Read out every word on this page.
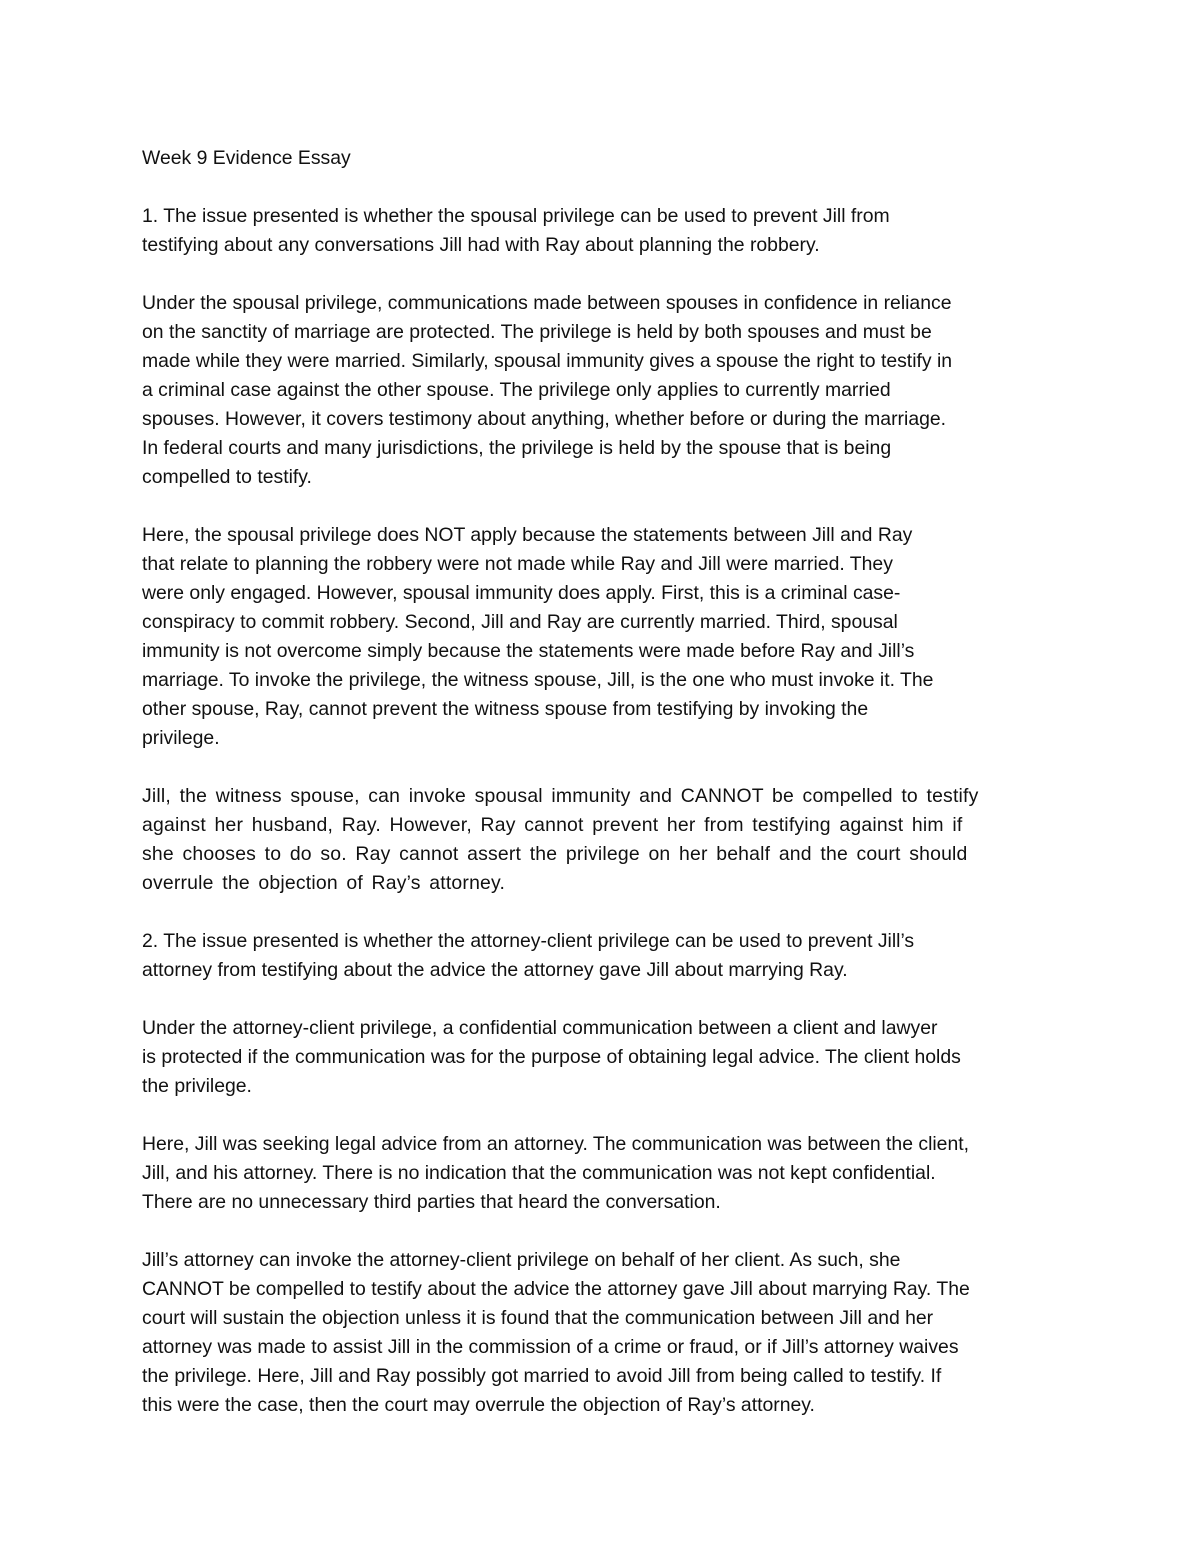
Week 9 Evidence Essay
1. The issue presented is whether the spousal privilege can be used to prevent Jill from
testifying about any conversations Jill had with Ray about planning the robbery.
Under the spousal privilege, communications made between spouses in confidence in reliance
on the sanctity of marriage are protected. The privilege is held by both spouses and must be
made while they were married. Similarly, spousal immunity gives a spouse the right to testify in
a criminal case against the other spouse. The privilege only applies to currently married
spouses. However, it covers testimony about anything, whether before or during the marriage.
In federal courts and many jurisdictions, the privilege is held by the spouse that is being
compelled to testify.
Here, the spousal privilege does NOT apply because the statements between Jill and Ray
that relate to planning the robbery were not made while Ray and Jill were married. They
were only engaged. However, spousal immunity does apply. First, this is a criminal case-
conspiracy to commit robbery. Second, Jill and Ray are currently married. Third, spousal
immunity is not overcome simply because the statements were made before Ray and Jill’s
marriage. To invoke the privilege, the witness spouse, Jill, is the one who must invoke it. The
other spouse, Ray, cannot prevent the witness spouse from testifying by invoking the
privilege.
Jill, the witness spouse, can invoke spousal immunity and CANNOT be compelled to testify
against her husband, Ray. However, Ray cannot prevent her from testifying against him if
she chooses to do so. Ray cannot assert the privilege on her behalf and the court should
overrule the objection of Ray’s attorney.
2. The issue presented is whether the attorney-client privilege can be used to prevent Jill’s
attorney from testifying about the advice the attorney gave Jill about marrying Ray.
Under the attorney-client privilege, a confidential communication between a client and lawyer
is protected if the communication was for the purpose of obtaining legal advice. The client holds
the privilege.
Here, Jill was seeking legal advice from an attorney. The communication was between the client,
Jill, and his attorney. There is no indication that the communication was not kept confidential.
There are no unnecessary third parties that heard the conversation.
Jill’s attorney can invoke the attorney-client privilege on behalf of her client. As such, she
CANNOT be compelled to testify about the advice the attorney gave Jill about marrying Ray. The
court will sustain the objection unless it is found that the communication between Jill and her
attorney was made to assist Jill in the commission of a crime or fraud, or if Jill’s attorney waives
the privilege. Here, Jill and Ray possibly got married to avoid Jill from being called to testify. If
this were the case, then the court may overrule the objection of Ray’s attorney.
